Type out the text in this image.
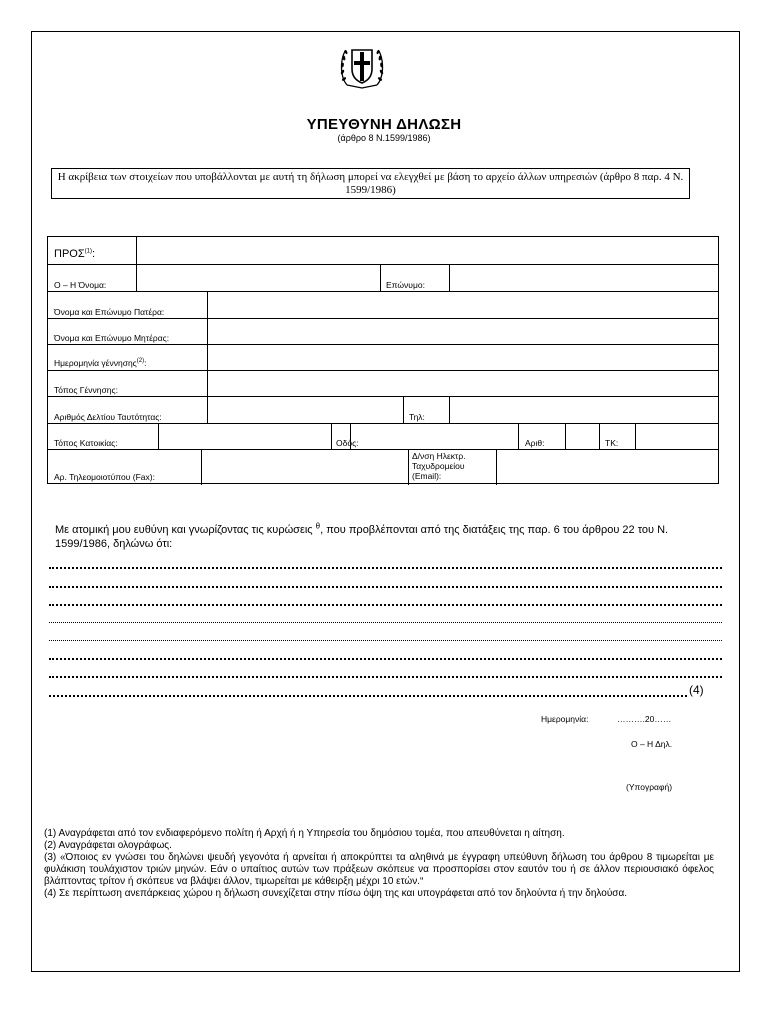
ΥΠΕΥΘΥΝΗ ΔΗΛΩΣΗ
(άρθρο 8 Ν.1599/1986)
Η ακρίβεια των στοιχείων που υποβάλλονται με αυτή τη δήλωση μπορεί να ελεγχθεί με βάση το αρχείο άλλων υπηρεσιών (άρθρο 8 παρ. 4 Ν. 1599/1986)
ΠΡΟΣ$^{(1)}$:
Ο – Η Όνομα:	Επώνυμο:
Όνομα και Επώνυμο Πατέρα:
Όνομα και Επώνυμο Μητέρας:
Ημερομηνία γέννησης$^{(2)}$:
Τόπος Γέννησης:
Αριθμός Δελτίου Ταυτότητας:	Τηλ:
Τόπος Κατοικίας:	Οδός:	Αριθ:	ΤΚ:
Αρ. Τηλεομοιοτύπου (Fax):
Δ/νση Ηλεκτρ.
Ταχυδρομείου
(Email):
Με ατομική μου ευθύνη και γνωρίζοντας τις κυρώσεις $^\theta$, που προβλέπονται από της διατάξεις της παρ. 6 του άρθρου 22 του Ν. 1599/1986, δηλώνω ότι:
(4)
Ημερομηνία:	……….20……
Ο – Η Δηλ.
(Υπογραφή)

(1) Αναγράφεται από τον ενδιαφερόμενο πολίτη ή Αρχή ή η Υπηρεσία του δημόσιου τομέα, που απευθύνεται η αίτηση.

(2) Αναγράφεται ολογράφως.

(3) «Όποιος εν γνώσει του δηλώνει ψευδή γεγονότα ή αρνείται ή αποκρύπτει τα αληθινά με έγγραφη υπεύθυνη δήλωση του άρθρου 8 τιμωρείται με φυλάκιση τουλάχιστον τριών μηνών. Εάν ο υπαίτιος αυτών των πράξεων σκόπευε να προσπορίσει στον εαυτόν του ή σε άλλον περιουσιακό όφελος βλάπτοντας τρίτον ή σκόπευε να βλάψει άλλον, τιμωρείται με κάθειρξη μέχρι 10 ετών.“

(4) Σε περίπτωση ανεπάρκειας χώρου η δήλωση συνεχίζεται στην πίσω όψη της και υπογράφεται από τον δηλούντα ή την δηλούσα.
